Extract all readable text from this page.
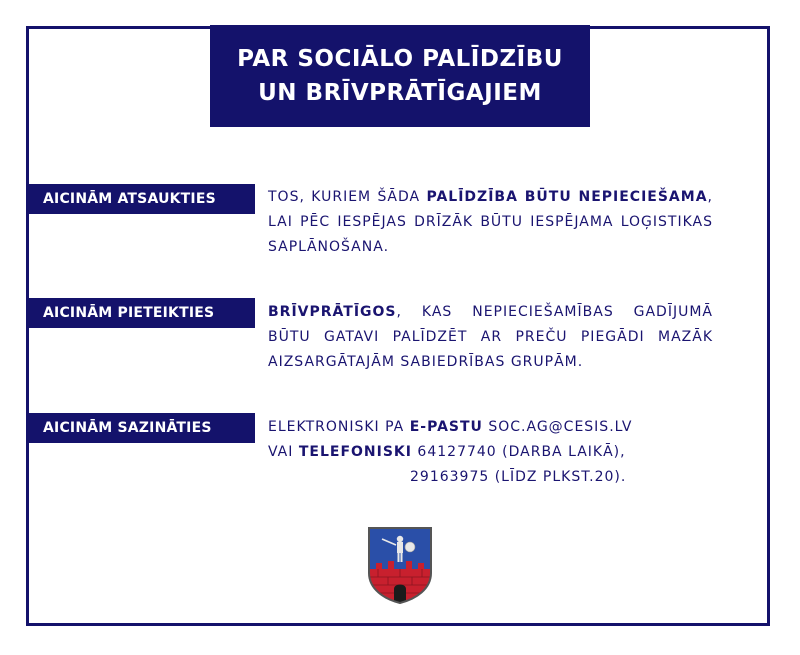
PAR SOCIĀLO PALĪDZĪBU
UN BRĪVPRĀTĪGAJIEM
AICINĀM ATSAUKTIES	TOS, KURIEM ŠĀDA PALĪDZĪBA BŪTU NEPIECIEŠAMA, LAI PĒC IESPĒJAS DRĪZĀK BŪTU IESPĒJAMA LOĢISTIKAS SAPLĀNOŠANA.
AICINĀM PIETEIKTIES	BRĪVPRĀTĪGOS, KAS NEPIECIEŠAMĪBAS GADĪJUMĀ BŪTU GATAVI PALĪDZĒT AR PREČU PIEGĀDI MAZĀK AIZSARGĀTAJĀM SABIEDRĪBAS GRUPĀM.
AICINĀM SAZINĀTIES	ELEKTRONISKI PA E-PASTU SOC.AG@CESIS.LV
VAI TELEFONISKI 64127740 (DARBA LAIKĀ),
29163975 (LĪDZ PLKST.20).
